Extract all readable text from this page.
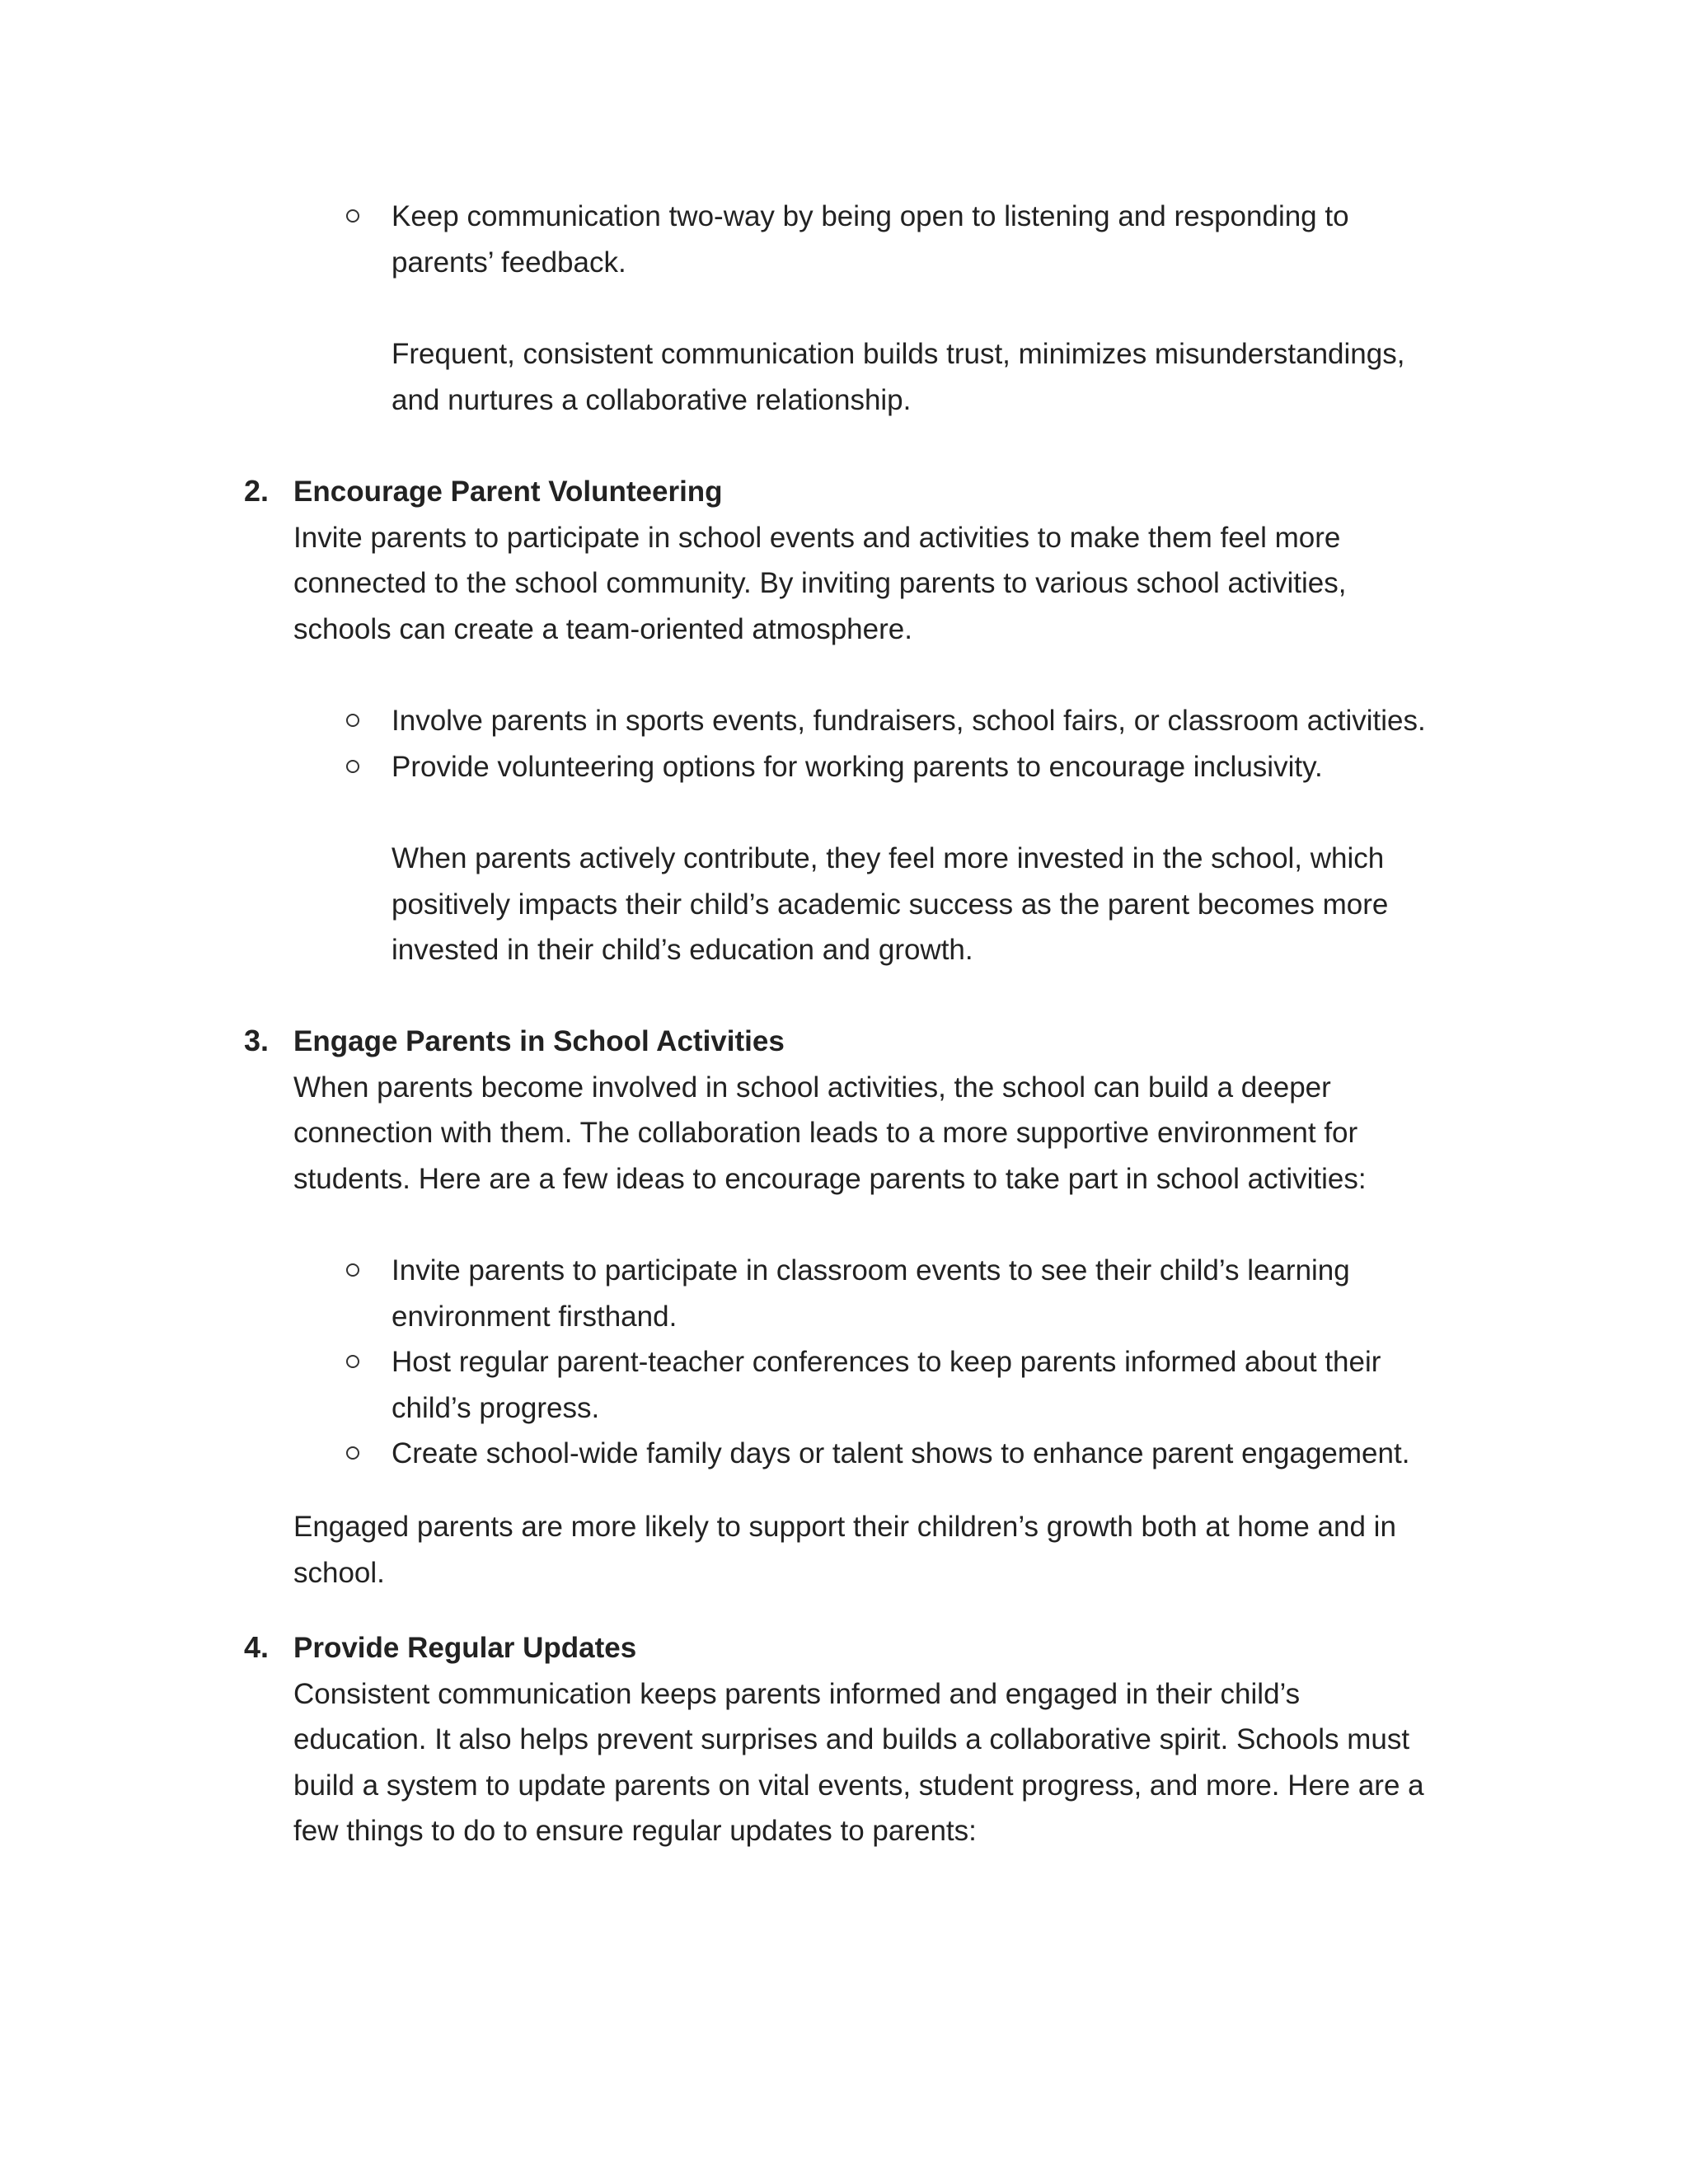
Keep communication two-way by being open to listening and responding to
parents’ feedback.
Frequent, consistent communication builds trust, minimizes misunderstandings,
and nurtures a collaborative relationship.
2. Encourage Parent Volunteering
Invite parents to participate in school events and activities to make them feel more
connected to the school community. By inviting parents to various school activities,
schools can create a team-oriented atmosphere.
Involve parents in sports events, fundraisers, school fairs, or classroom activities.
Provide volunteering options for working parents to encourage inclusivity.
When parents actively contribute, they feel more invested in the school, which
positively impacts their child’s academic success as the parent becomes more
invested in their child’s education and growth.
3. Engage Parents in School Activities
When parents become involved in school activities, the school can build a deeper
connection with them. The collaboration leads to a more supportive environment for
students. Here are a few ideas to encourage parents to take part in school activities:
Invite parents to participate in classroom events to see their child’s learning
environment firsthand.
Host regular parent-teacher conferences to keep parents informed about their
child’s progress.
Create school-wide family days or talent shows to enhance parent engagement.
Engaged parents are more likely to support their children’s growth both at home and in
school.
4. Provide Regular Updates
Consistent communication keeps parents informed and engaged in their child’s
education. It also helps prevent surprises and builds a collaborative spirit. Schools must
build a system to update parents on vital events, student progress, and more. Here are a
few things to do to ensure regular updates to parents:
